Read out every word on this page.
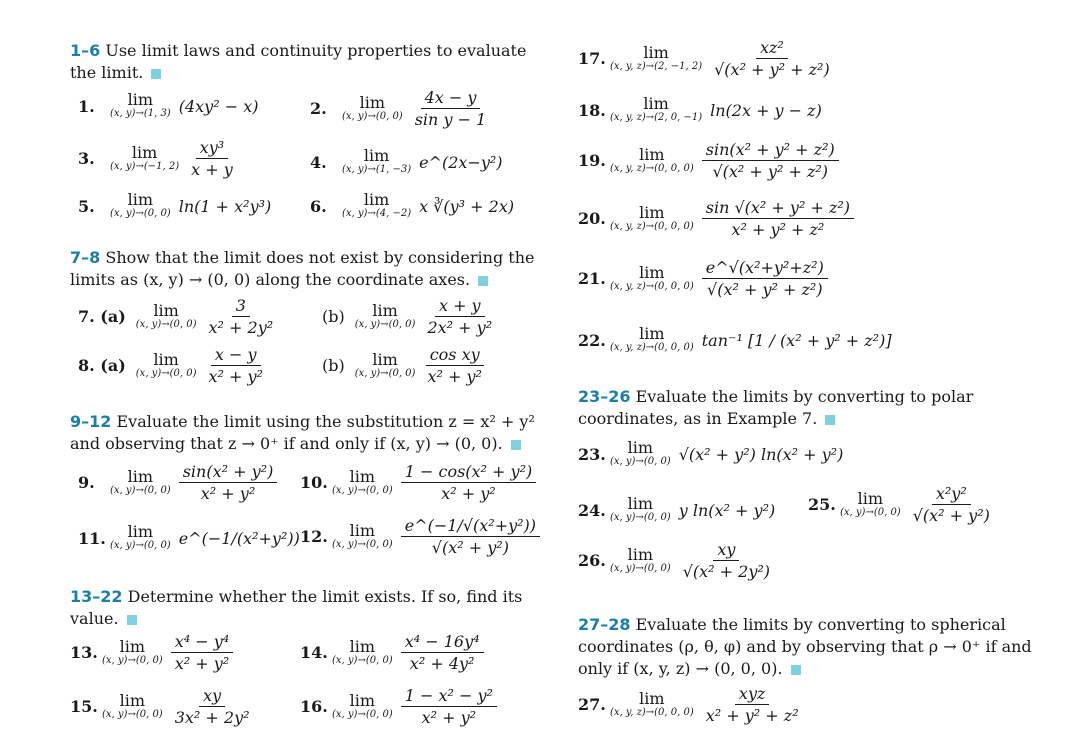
1–6 Use limit laws and continuity properties to evaluate the limit.
7–8 Show that the limit does not exist by considering the limits as (x, y) → (0, 0) along the coordinate axes.
9–12 Evaluate the limit using the substitution z = x² + y² and observing that z → 0⁺ if and only if (x, y) → (0, 0).
13–22 Determine whether the limit exists. If so, find its value.
23–26 Evaluate the limits by converting to polar coordinates, as in Example 7.
27–28 Evaluate the limits by converting to spherical coordinates (ρ, θ, φ) and by observing that ρ → 0⁺ if and only if (x, y, z) → (0, 0, 0).
1.	lim
(x, y)→(1, 3) (4xy² − x)	2.	lim
(x, y)→(0, $0) \frac{4x - y}{\text{sin y − 1}}$
3.	lim
(x, y)→(−1, $2) \frac{\text{xy³}}{x + y}$	4.	lim
(x, y)→(1, −3) e^(2x−y²)
5.	lim
(x, y)→(0, 0) ln(1 + x²y³) 6.	lim
(x, y)→(4, −2) x ∛(y³ + 2x)
7. (a) lim
(x, y)→(0, $0) \frac{3}{\text{x² + 2y²}}$	(b) lim
(x, y)→(0, $0) \frac{x + y}{\text{2x² + y²}}$
8. (a) lim
(x, y)→(0, $0) \frac{x - y}{\text{x² + y²}}$	(b) lim
(x, y)→(0, $0) \frac{\text{cos xy}}{\text{x² + y²}}$
9.	lim
(x, y)→(0, $0) \frac{\text{sin(x² + y²)}}{\text{x² + y²}} 10$. lim
(x, y)→(0, $0) \frac{\text{1 − cos(x² + y²)}}{\text{x² + y²}}$
11. lim
(x, y)→(0, 0) e^(−1/(x²+y²)) 12. lim
(x, y)→(0, $0) \frac{\text{e\textasciicircum{}(−1/√(x²+y²))}}{\text{√(x² + y²)}}$
13. lim
(x, y)→(0, $0) \frac{\text{x⁴ − y⁴}}{\text{x² + y²}}$	14. lim
(x, y)→(0, $0) \frac{\text{x⁴ − 16y⁴}}{\text{x² + 4y²}}$
15. lim
(x, y)→(0, $0) \frac{xy}{\text{3x² + 2y²}}$	16. lim
(x, y)→(0, $0) \frac{\text{1 − x² − y²}}{\text{x² + y²}}$
17. lim
(x, y, z)→(2, −1, $2) \frac{\text{xz²}}{\text{√(x² + y² + z²)}}$
18. lim
(x, y, z)→(2, 0, −1) ln(2x + y − z)
19. lim
(x, y, z)→(0, 0, $0) \frac{\text{sin(x² + y² + z²)}}{\text{√(x² + y² + z²)}}$
20. lim
(x, y, z)→(0, 0, $0) \frac{\text{sin √(x² + y² + z²)}}{\text{x² + y² + z²}}$
21. lim
(x, y, z)→(0, 0, $0) \frac{\text{e\textasciicircum{}√(x²+y²+z²)}}{\text{√(x² + y² + z²)}}$
22. lim
(x, y, z)→(0, 0, 0) tan⁻¹ [1 / (x² + y² + z²)]
23. lim
(x, y)→(0, 0) √(x² + y²) ln(x² + y²)
24. lim
(x, y)→(0, 0) y ln(x² + y²) 25. lim
(x, y)→(0, $0) \frac{\text{x²y²}}{\text{√(x² + y²)}}$
26. lim
(x, y)→(0, $0) \frac{xy}{\text{√(x² + 2y²)}}$
27. lim
(x, y, z)→(0, 0, $0) \frac{\text{xyz}}{\text{x² + y² + z²}}$
